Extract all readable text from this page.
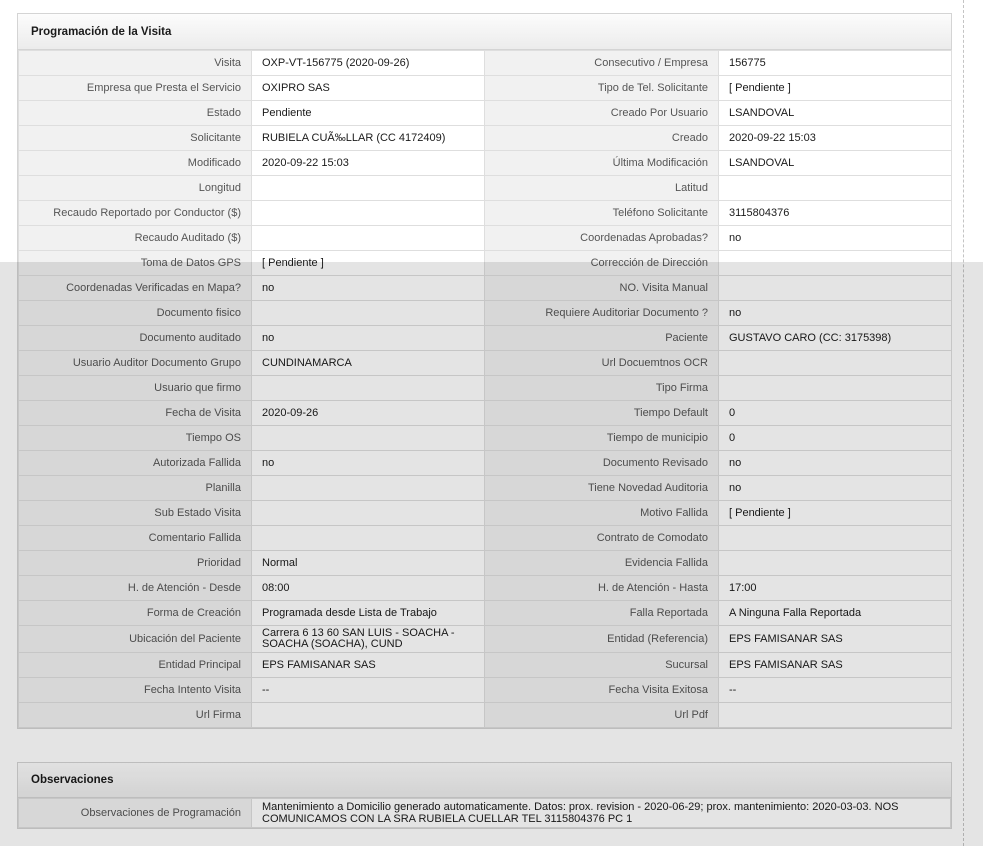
Programación de la Visita
Visita	OXP-VT-156775 (2020-09-26)	Consecutivo / Empresa	156775
Empresa que Presta el Servicio	OXIPRO SAS	Tipo de Tel. Solicitante	[ Pendiente ]
Estado	Pendiente	Creado Por Usuario	LSANDOVAL
Solicitante	RUBIELA CUÃ‰LLAR (CC 4172409)	Creado	2020-09-22 15:03
Modificado	2020-09-22 15:03	Última Modificación	LSANDOVAL
Longitud		Latitud	
Recaudo Reportado por Conductor ($)		Teléfono Solicitante	3115804376
Recaudo Auditado ($)		Coordenadas Aprobadas?	no
Toma de Datos GPS	[ Pendiente ]	Corrección de Dirección	
Coordenadas Verificadas en Mapa?	no	NO. Visita Manual	
Documento fisico		Requiere Auditoriar Documento ?	no
Documento auditado	no	Paciente	GUSTAVO CARO (CC: 3175398)
Usuario Auditor Documento Grupo	CUNDINAMARCA	Url Docuemtnos OCR	
Usuario que firmo		Tipo Firma	
Fecha de Visita	2020-09-26	Tiempo Default	0
Tiempo OS		Tiempo de municipio	0
Autorizada Fallida	no	Documento Revisado	no
Planilla		Tiene Novedad Auditoria	no
Sub Estado Visita		Motivo Fallida	[ Pendiente ]
Comentario Fallida		Contrato de Comodato	
Prioridad	Normal	Evidencia Fallida	
H. de Atención - Desde	08:00	H. de Atención - Hasta	17:00
Forma de Creación	Programada desde Lista de Trabajo	Falla Reportada	A Ninguna Falla Reportada
Ubicación del Paciente	Carrera 6 13 60 SAN LUIS - SOACHA - SOACHA (SOACHA), CUND	Entidad (Referencia)	EPS FAMISANAR SAS
Entidad Principal	EPS FAMISANAR SAS	Sucursal	EPS FAMISANAR SAS
Fecha Intento Visita	--	Fecha Visita Exitosa	--
Url Firma		Url Pdf	
Observaciones
Observaciones de Programación	Mantenimiento a Domicilio generado automaticamente. Datos: prox. revision - 2020-06-29; prox. mantenimiento: 2020-03-03. NOS COMUNICAMOS CON LA SRA RUBIELA CUELLAR TEL 3115804376 PC 1
